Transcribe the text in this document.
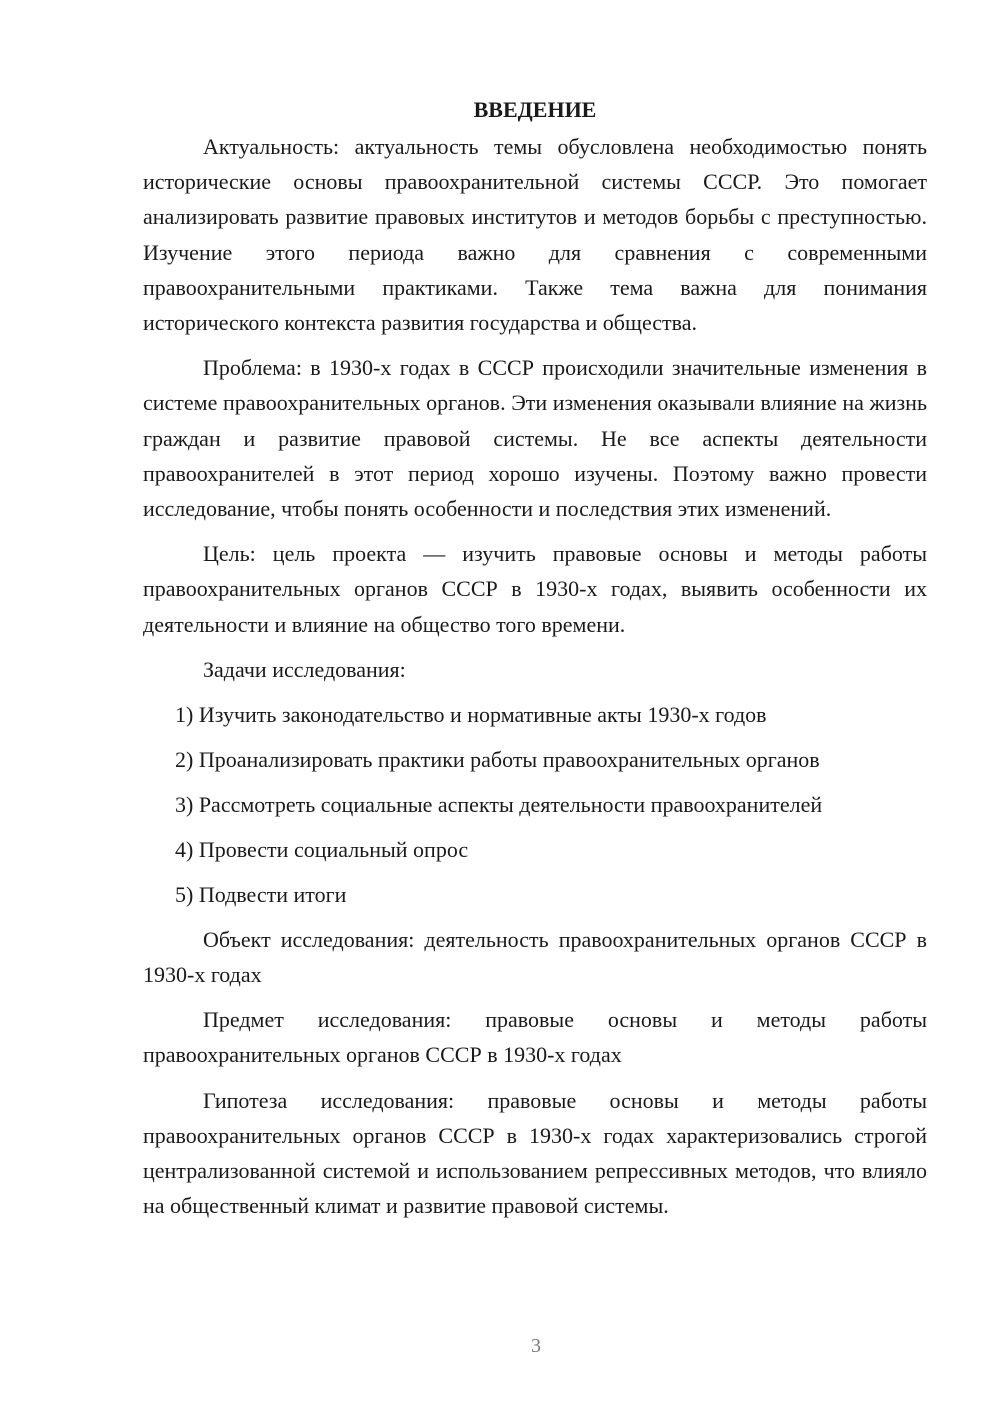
ВВЕДЕНИЕ

Актуальность: актуальность темы обусловлена необходимостью понять исторические основы правоохранительной системы СССР. Это помогает анализировать развитие правовых институтов и методов борьбы с преступностью. Изучение этого периода важно для сравнения с современными правоохранительными практиками. Также тема важна для понимания исторического контекста развития государства и общества.

Проблема: в 1930-х годах в СССР происходили значительные изменения в системе правоохранительных органов. Эти изменения оказывали влияние на жизнь граждан и развитие правовой системы. Не все аспекты деятельности правоохранителей в этот период хорошо изучены. Поэтому важно провести исследование, чтобы понять особенности и последствия этих изменений.

Цель: цель проекта — изучить правовые основы и методы работы правоохранительных органов СССР в 1930-х годах, выявить особенности их деятельности и влияние на общество того времени.

Задачи исследования:

1) Изучить законодательство и нормативные акты 1930-х годов
2) Проанализировать практики работы правоохранительных органов
3) Рассмотреть социальные аспекты деятельности правоохранителей
4) Провести социальный опрос
5) Подвести итоги

Объект исследования: деятельность правоохранительных органов СССР в 1930-х годах

Предмет исследования: правовые основы и методы работы правоохранительных органов СССР в 1930-х годах

Гипотеза исследования: правовые основы и методы работы правоохранительных органов СССР в 1930-х годах характеризовались строгой централизованной системой и использованием репрессивных методов, что влияло на общественный климат и развитие правовой системы.

3
